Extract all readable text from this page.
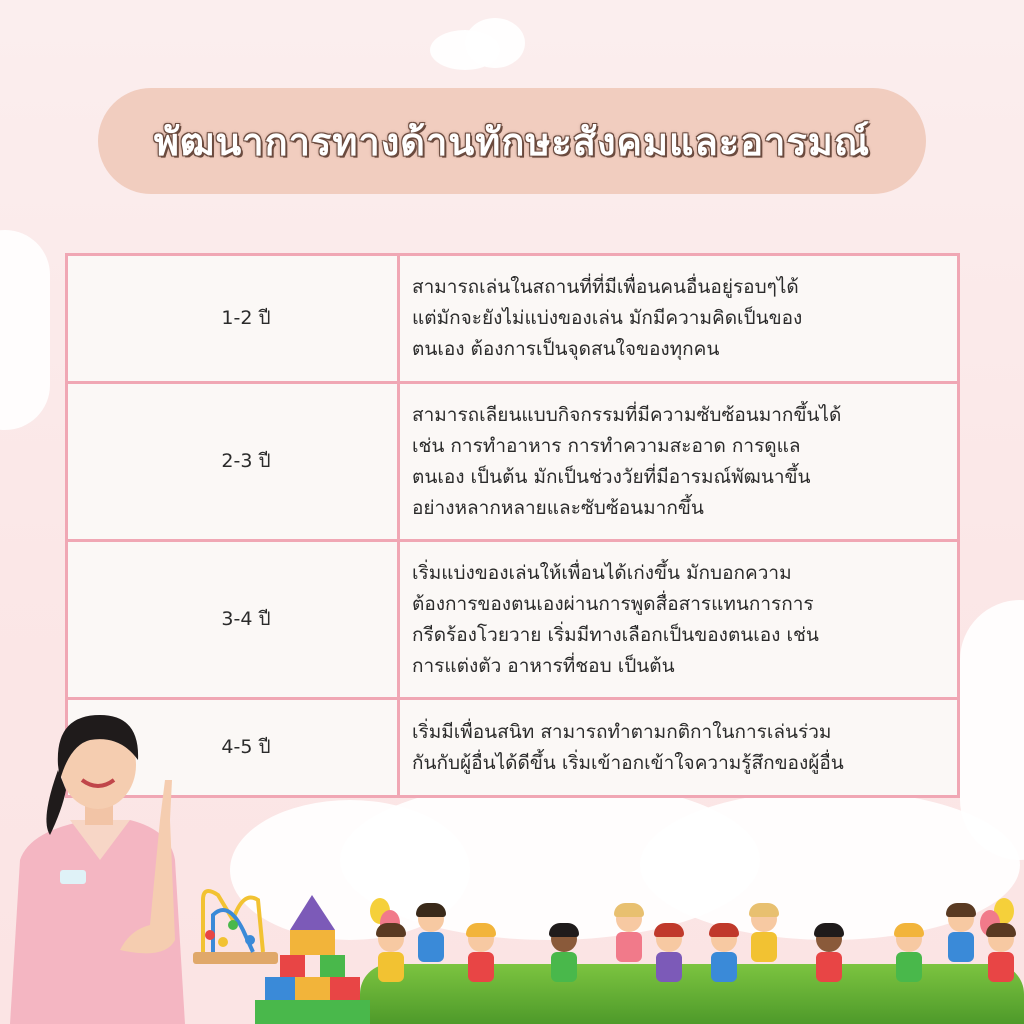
พัฒนาการทางด้านทักษะสังคมและอารมณ์
1-2 ปี	สามารถเล่นในสถานที่ที่มีเพื่อนคนอื่นอยู่รอบๆได้
แต่มักจะยังไม่แบ่งของเล่น มักมีความคิดเป็นของ
ตนเอง ต้องการเป็นจุดสนใจของทุกคน

2-3 ปี	สามารถเลียนแบบกิจกรรมที่มีความซับซ้อนมากขึ้นได้
เช่น การทำอาหาร การทำความสะอาด การดูแล
ตนเอง เป็นต้น มักเป็นช่วงวัยที่มีอารมณ์พัฒนาขึ้น
อย่างหลากหลายและซับซ้อนมากขึ้น

3-4 ปี	เริ่มแบ่งของเล่นให้เพื่อนได้เก่งขึ้น มักบอกความ
ต้องการของตนเองผ่านการพูดสื่อสารแทนการการ
กรีดร้องโวยวาย เริ่มมีทางเลือกเป็นของตนเอง เช่น
การแต่งตัว อาหารที่ชอบ เป็นต้น

4-5 ปี	เริ่มมีเพื่อนสนิท สามารถทำตามกติกาในการเล่นร่วม
กันกับผู้อื่นได้ดีขึ้น เริ่มเข้าอกเข้าใจความรู้สึกของผู้อื่น
